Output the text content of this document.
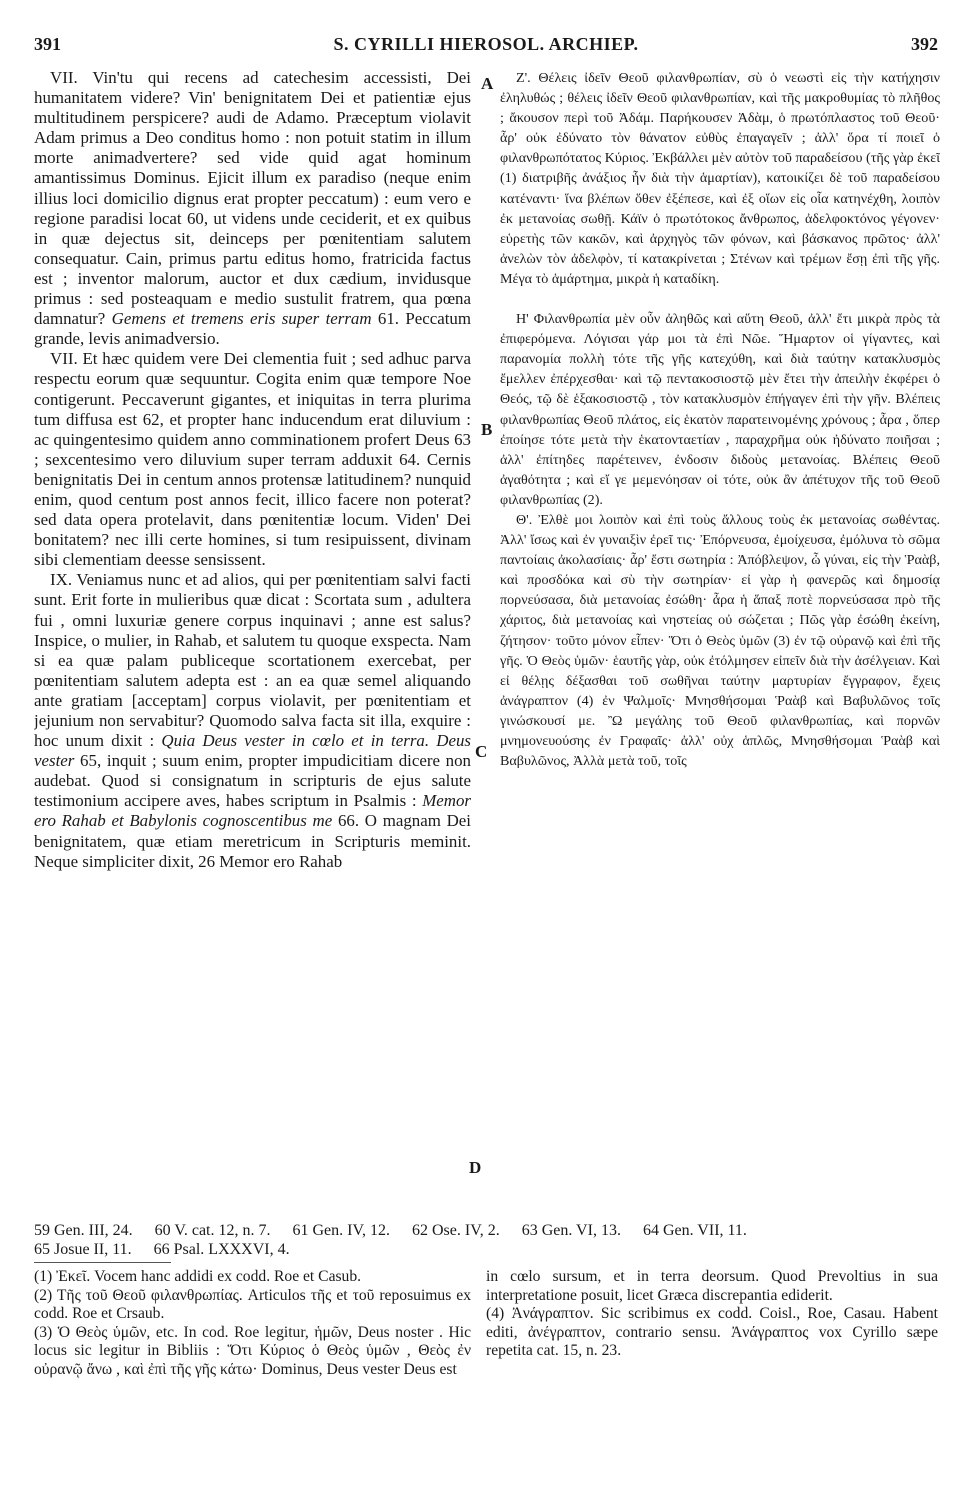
391	S. CYRILLI HIEROSOL. ARCHIEP.	392
A
B
C
D

VII. Vin'tu qui recens ad catechesim accessisti, Dei humanitatem videre? Vin' benignitatem Dei et patientiæ ejus multitudinem perspicere? audi de Adamo. Præceptum violavit Adam primus a Deo conditus homo : non potuit statim in illum morte animadvertere? sed vide quid agat hominum amantissimus Dominus. Ejicit illum ex paradiso (neque enim illius loci domicilio dignus erat propter peccatum) : eum vero e regione paradisi locat 60, ut videns unde ceciderit, et ex quibus in quæ dejectus sit, deinceps per pœnitentiam salutem consequatur. Cain, primus partu editus homo, fratricida factus est ; inventor malorum, auctor et dux cædium, invidusque primus : sed posteaquam e medio sustulit fratrem, qua pœna damnatur? Gemens et tremens eris super terram 61. Peccatum grande, levis animadversio.

VII. Et hæc quidem vere Dei clementia fuit ; sed adhuc parva respectu eorum quæ sequuntur. Cogita enim quæ tempore Noe contigerunt. Peccaverunt gigantes, et iniquitas in terra plurima tum diffusa est 62, et propter hanc inducendum erat diluvium : ac quingentesimo quidem anno comminationem profert Deus 63 ; sexcentesimo vero diluvium super terram adduxit 64. Cernis benignitatis Dei in centum annos protensæ latitudinem? nunquid enim, quod centum post annos fecit, illico facere non poterat? sed data opera protelavit, dans pœnitentiæ locum. Viden' Dei bonitatem? nec illi certe homines, si tum resipuissent, divinam sibi clementiam deesse sensissent.

IX. Veniamus nunc et ad alios, qui per pœnitentiam salvi facti sunt. Erit forte in mulieribus quæ dicat : Scortata sum , adultera fui , omni luxuriæ genere corpus inquinavi ; anne est salus? Inspice, o mulier, in Rahab, et salutem tu quoque exspecta. Nam si ea quæ palam publiceque scortationem exercebat, per pœnitentiam salutem adepta est : an ea quæ semel aliquando ante gratiam [acceptam] corpus violavit, per pœnitentiam et jejunium non servabitur? Quomodo salva facta sit illa, exquire : hoc unum dixit : Quia Deus vester in cœlo et in terra. Deus vester 65, inquit ; suum enim, propter impudicitiam dicere non audebat. Quod si consignatum in scripturis de ejus salute testimonium accipere aves, habes scriptum in Psalmis : Memor ero Rahab et Babylonis cognoscentibus me 66. O magnam Dei benignitatem, quæ etiam meretricum in Scripturis meminit. Neque simpliciter dixit, 26 Memor ero Rahab

Ζ'. Θέλεις ἰδεῖν Θεοῦ φιλανθρωπίαν, σὺ ὁ νεωστὶ εἰς τὴν κατήχησιν ἐληλυθώς ; θέλεις ἰδεῖν Θεοῦ φιλανθρωπίαν, καὶ τῆς μακροθυμίας τὸ πλῆθος ; ἄκουσον περὶ τοῦ Ἀδάμ. Παρήκουσεν Ἀδὰμ, ὁ πρωτόπλαστος τοῦ Θεοῦ· ἆρ' οὐκ ἐδύνατο τὸν θάνατον εὐθὺς ἐπαγαγεῖν ; ἀλλ' ὅρα τί ποιεῖ ὁ φιλανθρωπότατος Κύριος. Ἐκβάλλει μὲν αὐτὸν τοῦ παραδείσου (τῆς γὰρ ἐκεῖ (1) διατριβῆς ἀνάξιος ἦν διὰ τὴν ἁμαρτίαν), κατοικίζει δὲ τοῦ παραδείσου κατέναντι· ἵνα βλέπων ὅθεν ἐξέπεσε, καὶ ἐξ οἵων εἰς οἷα κατηνέχθη, λοιπὸν ἐκ μετανοίας σωθῇ. Κάϊν ὁ πρωτότοκος ἄνθρωπος, ἀδελφοκτόνος γέγονεν· εὑρετὴς τῶν κακῶν, καὶ ἀρχηγὸς τῶν φόνων, καὶ βάσκανος πρῶτος· ἀλλ' ἀνελὼν τὸν ἀδελφὸν, τί κατακρίνεται ; Στένων καὶ τρέμων ἔσῃ ἐπὶ τῆς γῆς. Μέγα τὸ ἁμάρτημα, μικρὰ ἡ καταδίκη.

Η' Φιλανθρωπία μὲν οὖν ἀληθῶς καὶ αὕτη Θεοῦ, ἀλλ' ἔτι μικρὰ πρὸς τὰ ἐπιφερόμενα. Λόγισαι γάρ μοι τὰ ἐπὶ Νῶε. Ἥμαρτον οἱ γίγαντες, καὶ παρανομία πολλὴ τότε τῆς γῆς κατεχύθη, καὶ διὰ ταύτην κατακλυσμὸς ἔμελλεν ἐπέρχεσθαι· καὶ τῷ πεντακοσιοστῷ μὲν ἔτει τὴν ἀπειλὴν ἐκφέρει ὁ Θεός, τῷ δὲ ἑξακοσιοστῷ , τὸν κατακλυσμὸν ἐπήγαγεν ἐπὶ τὴν γῆν. Βλέπεις φιλανθρωπίας Θεοῦ πλάτος, εἰς ἑκατὸν παρατεινομένης χρόνους ; ἆρα , ὅπερ ἐποίησε τότε μετὰ τὴν ἑκατονταετίαν , παραχρῆμα οὐκ ἠδύνατο ποιῆσαι ; ἀλλ' ἐπίτηδες παρέτεινεν, ἐνδοσιν διδοὺς μετανοίας. Βλέπεις Θεοῦ ἀγαθότητα ; καὶ εἴ γε μεμενόησαν οἱ τότε, οὐκ ἂν ἀπέτυχον τῆς τοῦ Θεοῦ φιλανθρωπίας (2).

Θ'. Ἐλθὲ μοι λοιπὸν καὶ ἐπὶ τοὺς ἄλλους τοὺς ἐκ μετανοίας σωθέντας. Ἀλλ' ἴσως καὶ ἐν γυναιξὶν ἐρεῖ τις· Ἐπόρνευσα, ἐμοίχευσα, ἐμόλυνα τὸ σῶμα παντοίαις ἀκολασίαις· ἆρ' ἔστι σωτηρία : Ἀπόβλεψον, ὦ γύναι, εἰς τὴν Ῥαὰβ, καὶ προσδόκα καὶ σὺ τὴν σωτηρίαν· εἰ γὰρ ἡ φανερῶς καὶ δημοσίᾳ πορνεύσασα, διὰ μετανοίας ἐσώθη· ἆρα ἡ ἅπαξ ποτὲ πορνεύσασα πρὸ τῆς χάριτος, διὰ μετανοίας καὶ νηστείας οὐ σώζεται ; Πῶς γὰρ ἐσώθη ἐκείνη, ζήτησον· τοῦτο μόνον εἶπεν· Ὅτι ὁ Θεὸς ὑμῶν (3) ἐν τῷ οὐρανῷ καὶ ἐπὶ τῆς γῆς. Ὁ Θεὸς ὑμῶν· ἑαυτῆς γὰρ, οὐκ ἐτόλμησεν εἰπεῖν διὰ τὴν ἀσέλγειαν. Καὶ εἰ θέλῃς δέξασθαι τοῦ σωθῆναι ταύτην μαρτυρίαν ἔγγραφον, ἔχεις ἀνάγραπτον (4) ἐν Ψαλμοῖς· Μνησθήσομαι Ῥαὰβ καὶ Βαβυλῶνος τοῖς γινώσκουσί με. Ὢ μεγάλης τοῦ Θεοῦ φιλανθρωπίας, καὶ πορνῶν μνημονευούσης ἐν Γραφαῖς· ἀλλ' οὐχ ἁπλῶς, Μνησθήσομαι Ῥαὰβ καὶ Βαβυλῶνος, Ἀλλὰ μετὰ τοῦ, τοῖς

59 Gen. III, 24. 60 V. cat. 12, n. 7. 61 Gen. IV, 12. 62 Ose. IV, 2. 63 Gen. VI, 13. 64 Gen. VII, 11.
65 Josue II, 11. 66 Psal. LXXXVI, 4.

(1) Ἐκεῖ. Vocem hanc addidi ex codd. Roe et Casub.

(2) Τῆς τοῦ Θεοῦ φιλανθρωπίας. Articulos τῆς et τοῦ reposuimus ex codd. Roe et Crsaub.

(3) Ὁ Θεὸς ὑμῶν, etc. In cod. Roe legitur, ἡμῶν, Deus noster . Hic locus sic legitur in Bibliis : Ὅτι Κύριος ὁ Θεὸς ὑμῶν , Θεὸς ἐν οὐρανῷ ἄνω , καὶ ἐπὶ τῆς γῆς κάτω· Dominus, Deus vester Deus est

in cœlo sursum, et in terra deorsum. Quod Prevoltius in sua interpretatione posuit, licet Græca discrepantia ediderit.

(4) Ἀνάγραπτον. Sic scribimus ex codd. Coisl., Roe, Casau. Habent editi, ἀνέγραπτον, contrario sensu. Ἀνάγραπτος vox Cyrillo sæpe repetita cat. 15, n. 23.
